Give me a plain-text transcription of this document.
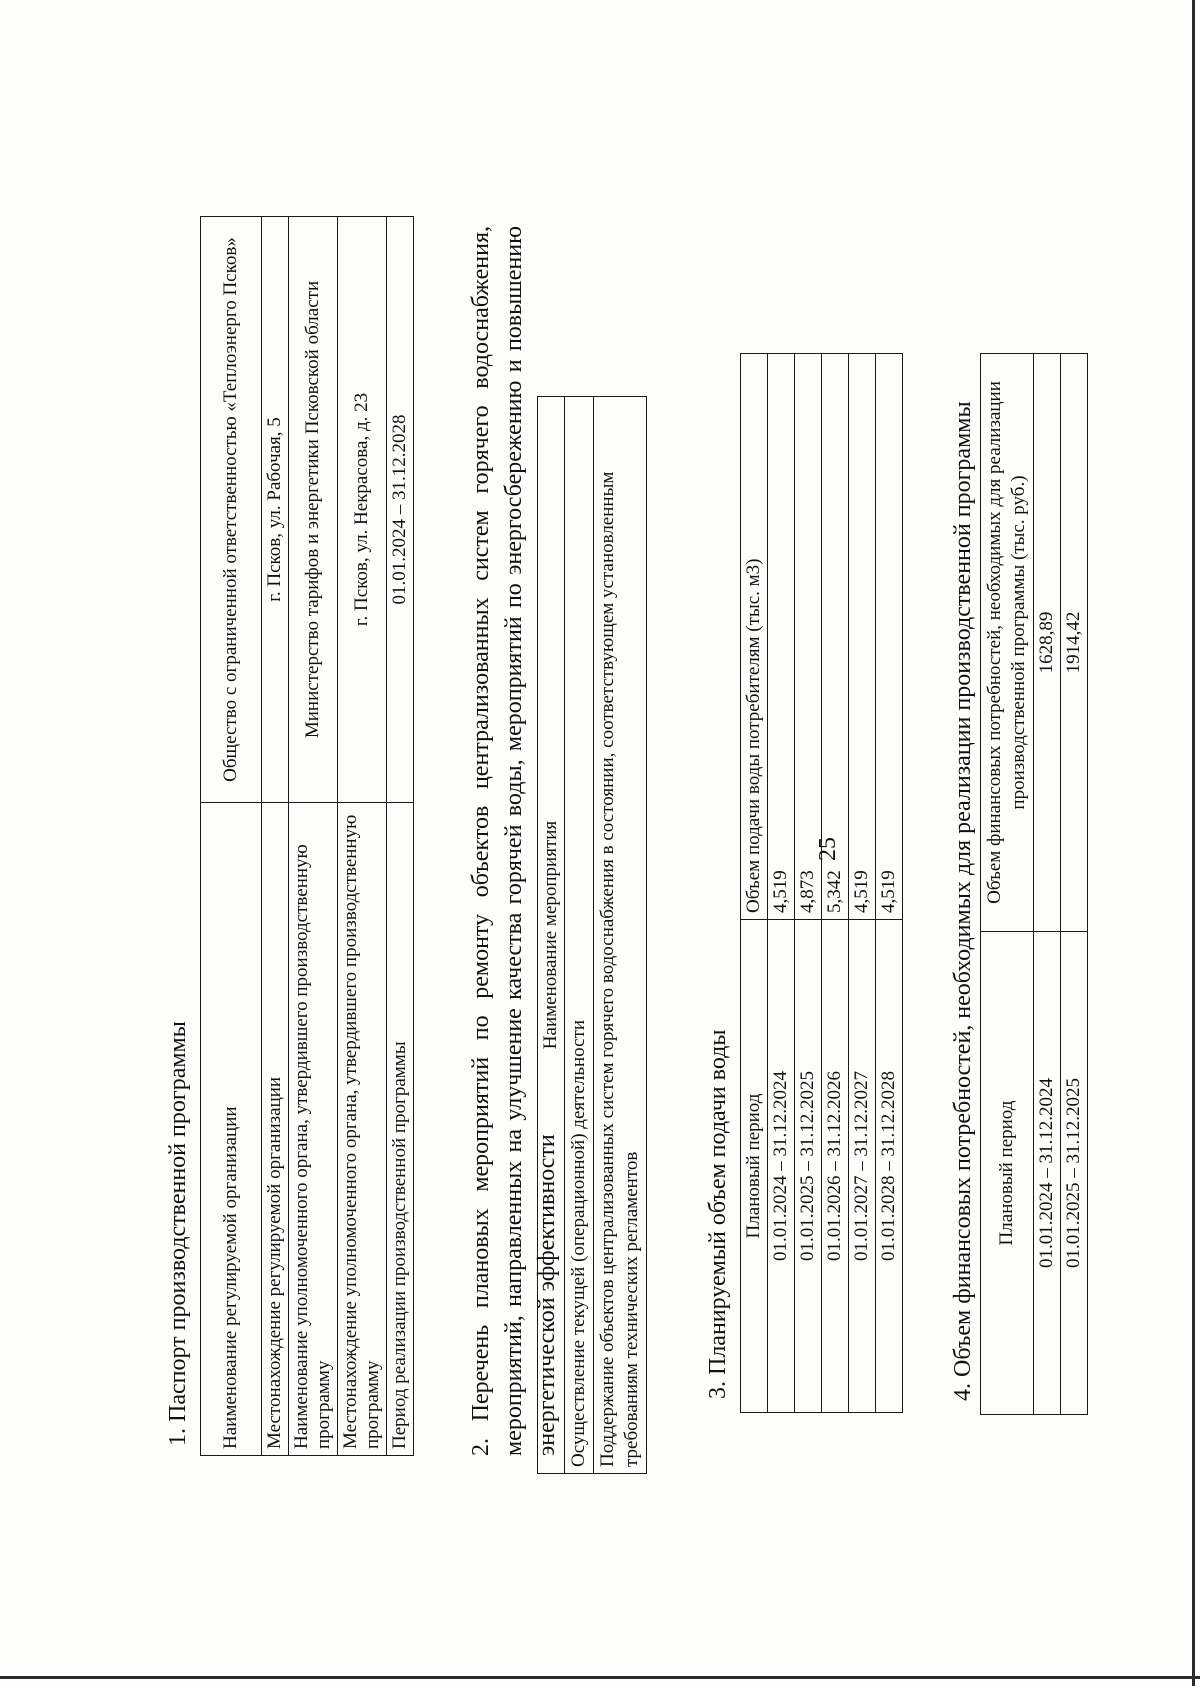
25
1. Паспорт производственной программы Наименование регулируемой организации	Общество с ограниченной ответственностью «Теплоэнерго Псков»
Местонахождение регулируемой организации	г. Псков, ул. Рабочая, 5
Наименование уполномоченного органа, утвердившего производственную программу	Министерство тарифов и энергетики Псковской области
Местонахождение уполномоченного органа, утвердившего производственную программу	г. Псков, ул. Некрасова, д. 23
Период реализации производственной программы	01.01.2024 – 31.12.2028 2. Перечень плановых мероприятий по ремонту объектов централизованных систем горячего водоснабжения, мероприятий, направленных на улучшение качества горячей воды, мероприятий по энергосбережению и повышению энергетической эффективности
Наименование мероприятия
Осуществление текущей (операционной) деятельности
Поддержание объектов централизованных систем горячего водоснабжения в состоянии, соответствующем установленным требованиям технических регламентов	3. Планируемый объем подачи воды Плановый период	Объем подачи воды потребителям (тыс. м3)
01.01.2024 – 31.12.2024	4,519
01.01.2025 – 31.12.2025	4,873
01.01.2026 – 31.12.2026	5,342
01.01.2027 – 31.12.2027	4,519
01.01.2028 – 31.12.2028	4,519 4. Объем финансовых потребностей, необходимых для реализации производственной программы Плановый период	Объем финансовых потребностей, необходимых для реализации производственной программы (тыс. руб.)
01.01.2024 – 31.12.2024	1628,89
01.01.2025 – 31.12.2025	1914,42
